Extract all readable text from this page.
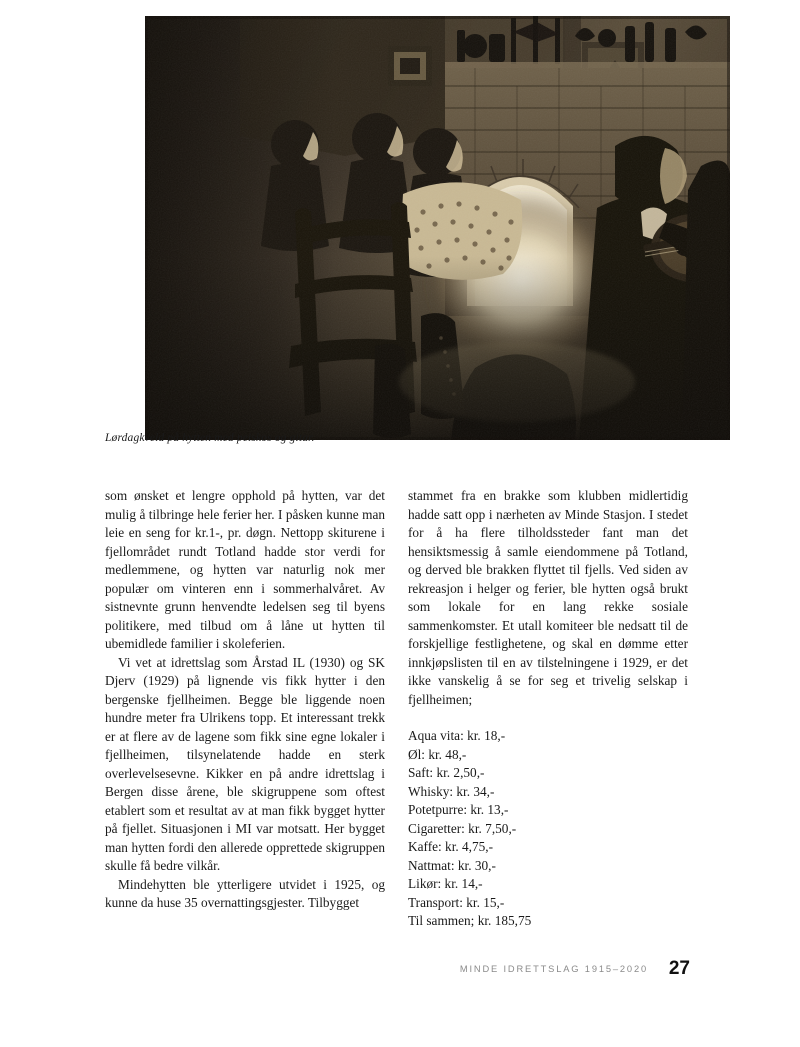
Lørdagkveld på hytten med peiskos og gitar.

som ønsket et lengre opphold på hytten, var det mulig å tilbringe hele ferier her. I påsken kunne man leie en seng for kr.1-, pr. døgn. Nettopp skiturene i fjellområdet rundt Totland hadde stor verdi for medlemmene, og hytten var naturlig nok mer populær om vinteren enn i sommerhalvåret. Av sistnevnte grunn henvendte ledelsen seg til byens politikere, med tilbud om å låne ut hytten til ubemidlede familier i skoleferien.

Vi vet at idrettslag som Årstad IL (1930) og SK Djerv (1929) på lignende vis fikk hytter i den bergenske fjellheimen. Begge ble liggende noen hundre meter fra Ulrikens topp. Et interessant trekk er at flere av de lagene som fikk sine egne lokaler i fjellheimen, tilsynelatende hadde en sterk overlevelsesevne. Kikker en på andre idrettslag i Bergen disse årene, ble skigruppene som oftest etablert som et resultat av at man fikk bygget hytter på fjellet. Situasjonen i MI var motsatt. Her bygget man hytten fordi den allerede opprettede skigruppen skulle få bedre vilkår.

Mindehytten ble ytterligere utvidet i 1925, og kunne da huse 35 overnattingsgjester. Tilbygget

stammet fra en brakke som klubben midlertidig hadde satt opp i nærheten av Minde Stasjon. I stedet for å ha flere tilholdssteder fant man det hensiktsmessig å samle eiendommene på Totland, og derved ble brakken flyttet til fjells. Ved siden av rekreasjon i helger og ferier, ble hytten også brukt som lokale for en lang rekke sosiale sammenkomster. Et utall komiteer ble nedsatt til de forskjellige festlighetene, og skal en dømme etter innkjøpslisten til en av tilstelningene i 1929, er det ikke vanskelig å se for seg et trivelig selskap i fjellheimen;

Aqua vita: kr. 18,-
Øl: kr. 48,-
Saft: kr. 2,50,-
Whisky: kr. 34,-
Potetpurre: kr. 13,-
Cigaretter: kr. 7,50,-
Kaffe: kr. 4,75,-
Nattmat: kr. 30,-
Likør: kr. 14,-
Transport: kr. 15,-
Til sammen; kr. 185,75
MINDE IDRETTSLAG 1915–2020 27
